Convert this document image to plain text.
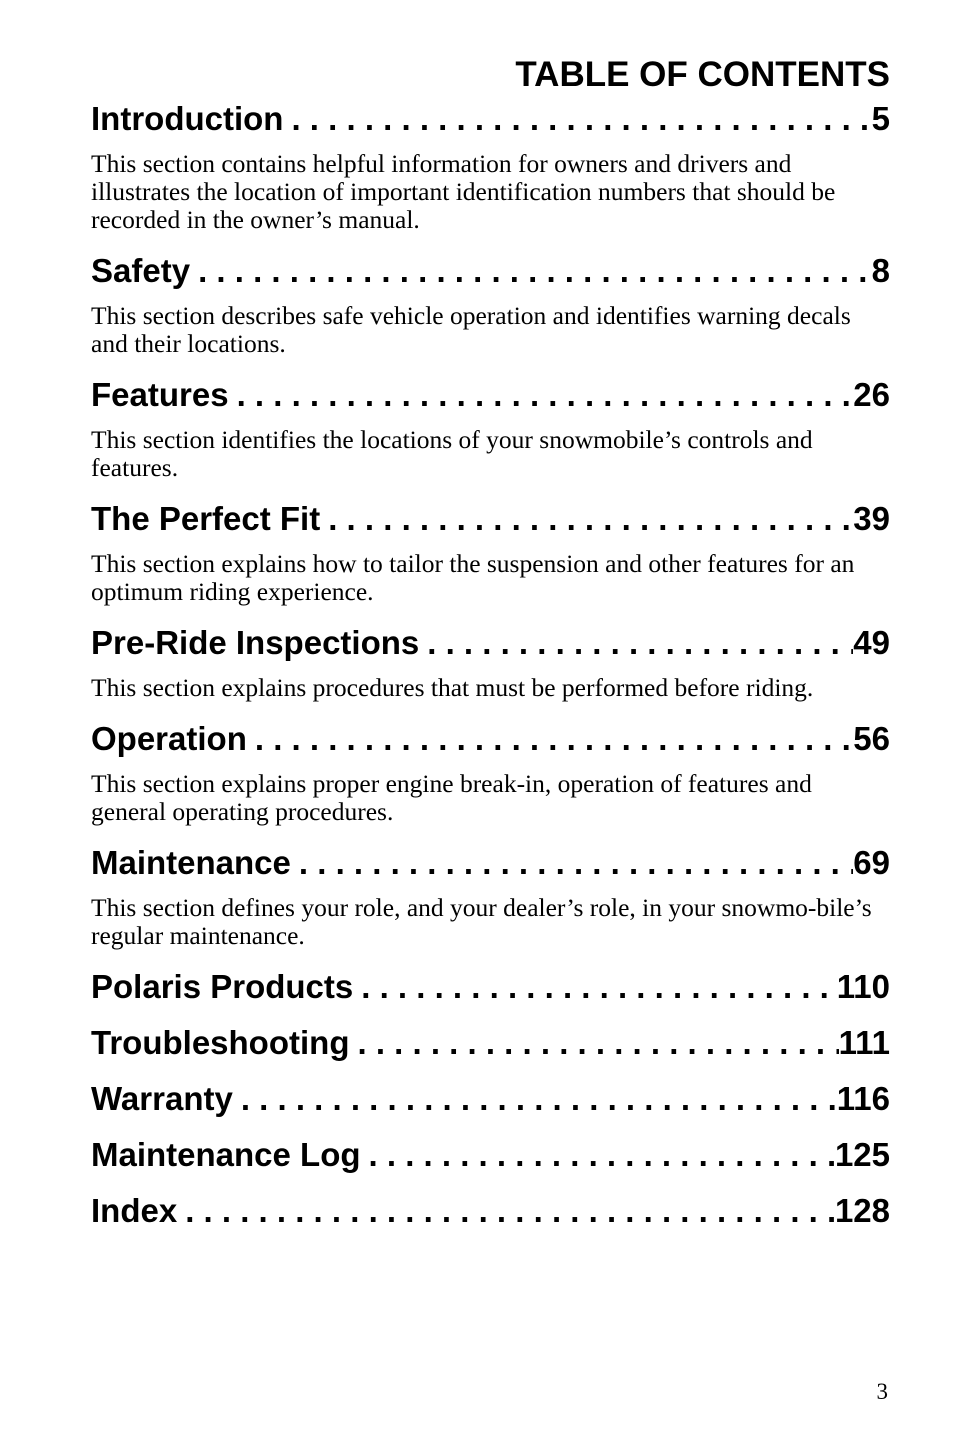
TABLE OF CONTENTS
Introduction . . .	5
This section contains helpful information for owners and drivers and illustrates the location of important identification numbers that should be recorded in the owner’s manual.
Safety . . .	8
This section describes safe vehicle operation and identifies warning decals and their locations.
Features . . .	26
This section identifies the locations of your snowmobile’s controls and features.
The Perfect Fit . . .	39
This section explains how to tailor the suspension and other features for an optimum riding experience.
Pre-Ride Inspections . . .	49
This section explains procedures that must be performed before riding.
Operation . . .	56
This section explains proper engine break-in, operation of features and general operating procedures.
Maintenance . . .	69
This section defines your role, and your dealer’s role, in your snowmo-bile’s regular maintenance.
Polaris Products . . .	110
Troubleshooting . . .	111
Warranty . . .	116
Maintenance Log . . .	125
Index . . .	128
3
